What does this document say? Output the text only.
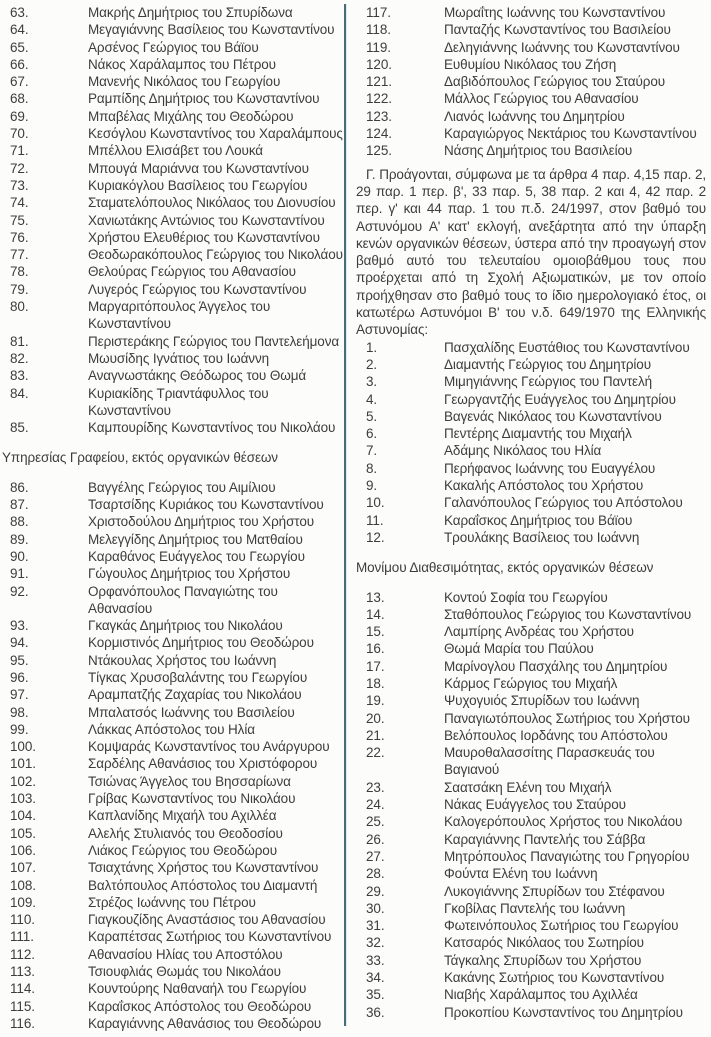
63.	Μακρής Δημήτριος του Σπυρίδωνα
64.	Μεγαγιάννης Βασίλειος του Κωνσταντίνου
65.	Αρσένος Γεώργιος του Βάϊου
66.	Νάκος Χαράλαμπος του Πέτρου
67.	Μανενής Νικόλαος του Γεωργίου
68.	Ραμπίδης Δημήτριος του Κωνσταντίνου
69.	Μπαβέλας Μιχάλης του Θεοδώρου
70.	Κεσόγλου Κωνσταντίνος του Χαραλάμπους
71.	Μπέλλου Ελισάβετ του Λουκά
72.	Μπουγά Μαριάννα του Κωνσταντίνου
73.	Κυριακόγλου Βασίλειος του Γεωργίου
74.	Σταματελόπουλος Νικόλαος του Διονυσίου
75.	Χανιωτάκης Αντώνιος του Κωνσταντίνου
76.	Χρήστου Ελευθέριος του Κωνσταντίνου
77.	Θεοδωρακόπουλος Γεώργιος του Νικολάου
78.	Θελούρας Γεώργιος του Αθανασίου
79.	Λυγερός Γεώργιος του Κωνσταντίνου
80.	Μαργαριτόπουλος Άγγελος του Κωνσταντίνου
81.	Περιστεράκης Γεώργιος του Παντελεήμονα
82.	Μωυσίδης Ιγνάτιος του Ιωάννη
83.	Αναγνωστάκης Θεόδωρος του Θωμά
84.	Κυριακίδης Τριαντάφυλλος του Κωνσταντίνου
85.	Καμπουρίδης Κωνσταντίνος του Νικολάου
Υπηρεσίας Γραφείου, εκτός οργανικών θέσεων
86.	Βαγγέλης Γεώργιος του Αιμίλιου
87.	Τσαρτσίδης Κυριάκος του Κωνσταντίνου
88.	Χριστοδούλου Δημήτριος του Χρήστου
89.	Μελεγγίδης Δημήτριος του Ματθαίου
90.	Καραθάνος Ευάγγελος του Γεωργίου
91.	Γώγουλος Δημήτριος του Χρήστου
92.	Ορφανόπουλος Παναγιώτης του Αθανασίου
93.	Γκαγκάς Δημήτριος του Νικολάου
94.	Κορμιστινός Δημήτριος του Θεοδώρου
95.	Ντάκουλας Χρήστος του Ιωάννη
96.	Τίγκας Χρυσοβαλάντης του Γεωργίου
97.	Αραμπατζής Ζαχαρίας του Νικολάου
98.	Μπαλατσός Ιωάννης του Βασιλείου
99.	Λάκκας Απόστολος του Ηλία
100.	Κομψαράς Κωνσταντίνος του Ανάργυρου
101.	Σαρδέλης Αθανάσιος του Χριστόφορου
102.	Τσιώνας Άγγελος του Βησσαρίωνα
103.	Γρίβας Κωνσταντίνος του Νικολάου
104.	Καπλανίδης Μιχαήλ του Αχιλλέα
105.	Αλελής Στυλιανός του Θεοδοσίου
106.	Λιάκος Γεώργιος του Θεοδώρου
107.	Τσιαχτάνης Χρήστος του Κωνσταντίνου
108.	Βαλτόπουλος Απόστολος του Διαμαντή
109.	Στρέζος Ιωάννης του Πέτρου
110.	Γιαγκουζίδης Αναστάσιος του Αθανασίου
111.	Καραπέτσας Σωτήριος του Κωνσταντίνου
112.	Αθανασίου Ηλίας του Αποστόλου
113.	Τσιουφλιάς Θωμάς του Νικολάου
114.	Κουντούρης Ναθαναήλ του Γεωργίου
115.	Καραΐσκος Απόστολος του Θεοδώρου
116.	Καραγιάννης Αθανάσιος του Θεοδώρου
117.	Μωραΐτης Ιωάννης του Κωνσταντίνου
118.	Πανταζής Κωνσταντίνος του Βασιλείου
119.	Δεληγιάννης Ιωάννης του Κωνσταντίνου
120.	Ευθυμίου Νικόλαος του Ζήση
121.	Δαβιδόπουλος Γεώργιος του Σταύρου
122.	Μάλλος Γεώργιος του Αθανασίου
123.	Λιανός Ιωάννης του Δημητρίου
124.	Καραγιώργος Νεκτάριος του Κωνσταντίνου
125.	Νάσης Δημήτριος του Βασιλείου
Γ. Προάγονται, σύμφωνα με τα άρθρα 4 παρ. 4,15 παρ. 2, 29 παρ. 1 περ. β', 33 παρ. 5, 38 παρ. 2 και 4, 42 παρ. 2 περ. γ' και 44 παρ. 1 του π.δ. 24/1997, στον βαθμό του Αστυνόμου Α' κατ' εκλογή, ανεξάρτητα από την ύπαρξη κενών οργανικών θέσεων, ύστερα από την προαγωγή στον βαθμό αυτό του τελευταίου ομοιοβάθμου τους που προέρχεται από τη Σχολή Αξιωματικών, με τον οποίο προήχθησαν στο βαθμό τους το ίδιο ημερολογιακό έτος, οι κατωτέρω Αστυνόμοι Β' του ν.δ. 649/1970 της Ελληνικής Αστυνομίας:
1.	Πασχαλίδης Ευστάθιος του Κωνσταντίνου
2.	Διαμαντής Γεώργιος του Δημητρίου
3.	Μιμηγιάννης Γεώργιος του Παντελή
4.	Γεωργαντζής Ευάγγελος του Δημητρίου
5.	Βαγενάς Νικόλαος του Κωνσταντίνου
6.	Πεντέρης Διαμαντής του Μιχαήλ
7.	Αδάμης Νικόλαος του Ηλία
8.	Περήφανος Ιωάννης του Ευαγγέλου
9.	Κακαλής Απόστολος του Χρήστου
10.	Γαλανόπουλος Γεώργιος του Απόστολου
11.	Καραΐσκος Δημήτριος του Βάϊου
12.	Τρουλάκης Βασίλειος του Ιωάννη
Μονίμου Διαθεσιμότητας, εκτός οργανικών θέσεων
13.	Κοντού Σοφία του Γεωργίου
14.	Σταθόπουλος Γεώργιος του Κωνσταντίνου
15.	Λαμπίρης Ανδρέας του Χρήστου
16.	Θωμά Μαρία του Παύλου
17.	Μαρίνογλου Πασχάλης του Δημητρίου
18.	Κάρμος Γεώργιος του Μιχαήλ
19.	Ψυχογυιός Σπυρίδων του Ιωάννη
20.	Παναγιωτόπουλος Σωτήριος του Χρήστου
21.	Βελόπουλος Ιορδάνης του Απόστολου
22.	Μαυροθαλασσίτης Παρασκευάς του Βαγιανού
23.	Σαατσάκη Ελένη του Μιχαήλ
24.	Νάκας Ευάγγελος του Σταύρου
25.	Καλογερόπουλος Χρήστος του Νικολάου
26.	Καραγιάννης Παντελής του Σάββα
27.	Μητρόπουλος Παναγιώτης του Γρηγορίου
28.	Φούντα Ελένη του Ιωάννη
29.	Λυκογιάννης Σπυρίδων του Στέφανου
30.	Γκοβίλας Παντελής του Ιωάννη
31.	Φωτεινόπουλος Σωτήριος του Γεωργίου
32.	Κατσαρός Νικόλαος του Σωτηρίου
33.	Τάγκαλης Σπυρίδων του Χρήστου
34.	Κακάνης Σωτήριος του Κωνσταντίνου
35.	Νιαβής Χαράλαμπος του Αχιλλέα
36.	Προκοπίου Κωνσταντίνος του Δημητρίου
